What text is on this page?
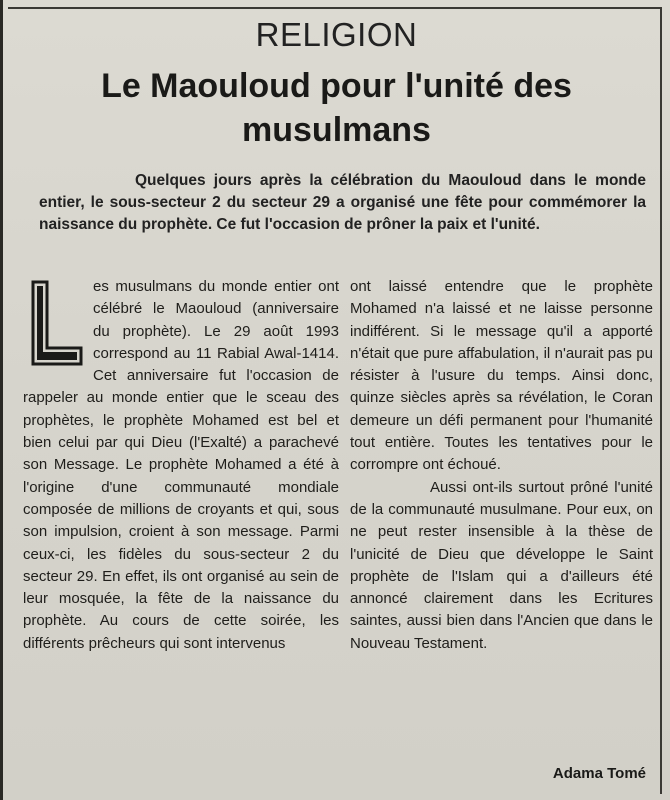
RELIGION
Le Maouloud pour l'unité des musulmans
Quelques jours après la célébration du Maouloud dans le monde entier, le sous-secteur 2 du secteur 29 a organisé une fête pour commémorer la naissance du prophète. Ce fut l'occasion de prôner la paix et l'unité.

es musulmans du monde entier ont célébré le Maouloud (anniversaire du prophète). Le 29 août 1993 correspond au 11 Rabial Awal-1414. Cet anniversaire fut l'occasion de rappeler au monde entier que le sceau des prophètes, le prophète Mohamed est bel et bien celui par qui Dieu (l'Exalté) a parachevé son Message. Le prophète Mohamed a été à l'origine d'une communauté mondiale composée de millions de croyants et qui, sous son impulsion, croient à son message. Parmi ceux-ci, les fidèles du sous-secteur 2 du secteur 29. En effet, ils ont organisé au sein de leur mosquée, la fête de la naissance du prophète. Au cours de cette soirée, les différents prêcheurs qui sont intervenus

ont laissé entendre que le prophète Mohamed n'a laissé et ne laisse personne indifférent. Si le message qu'il a apporté n'était que pure affabulation, il n'aurait pas pu résister à l'usure du temps. Ainsi donc, quinze siècles après sa révélation, le Coran demeure un défi permanent pour l'humanité tout entière. Toutes les tentatives pour le corrompre ont échoué.

Aussi ont-ils surtout prôné l'unité de la communauté musulmane. Pour eux, on ne peut rester insensible à la thèse de l'unicité de Dieu que développe le Saint prophète de l'Islam qui a d'ailleurs été annoncé clairement dans les Ecritures saintes, aussi bien dans l'Ancien que dans le Nouveau Testament.

Adama Tomé
